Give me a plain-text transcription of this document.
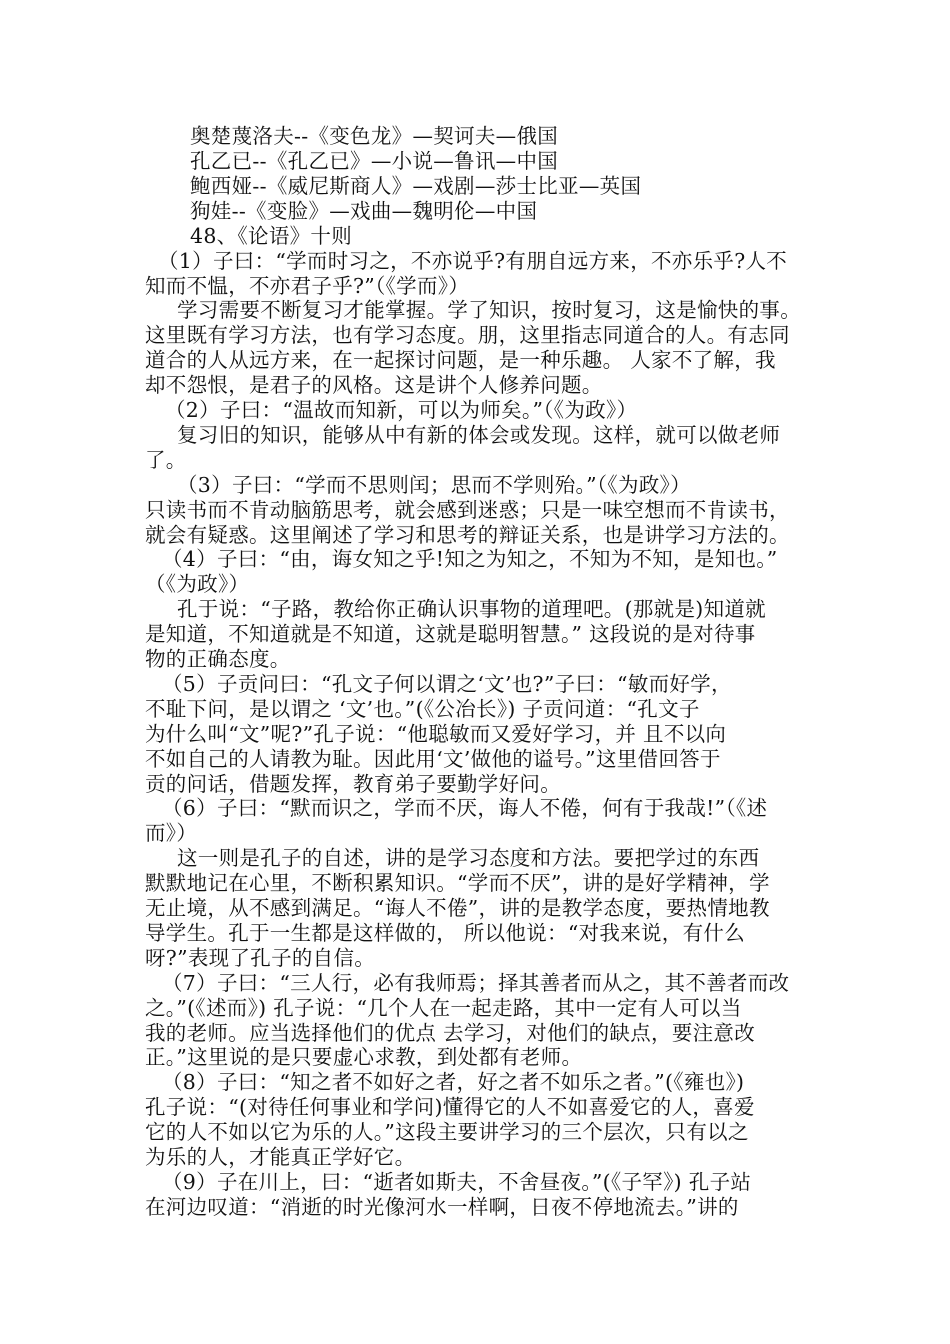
奥楚蔑洛夫--《变色龙》—契诃夫—俄国
孔乙已--《孔乙已》—小说—鲁讯—中国
鲍西娅--《威尼斯商人》—戏剧—莎士比亚—英国
狗娃--《变脸》—戏曲—魏明伦—中国
48、《论语》十则
（1）子曰：“学而时习之，不亦说乎?有朋自远方来，不亦乐乎?人不
知而不愠，不亦君子乎?”（《学而》）
学习需要不断复习才能掌握。学了知识，按时复习，这是愉快的事。
这里既有学习方法，也有学习态度。朋，这里指志同道合的人。有志同
道合的人从远方来，在一起探讨问题，是一种乐趣。 人家不了解，我
却不怨恨，是君子的风格。这是讲个人修养问题。
（2）子曰：“温故而知新，可以为师矣。”（《为政》）
复习旧的知识，能够从中有新的体会或发现。这样，就可以做老师
了。
（3）子曰：“学而不思则闰；思而不学则殆。”（《为政》）
只读书而不肯动脑筋思考，就会感到迷惑；只是一味空想而不肯读书，
就会有疑惑。这里阐述了学习和思考的辩证关系，也是讲学习方法的。
（4）子曰：“由，诲女知之乎!知之为知之，不知为不知，是知也。”
（《为政》）
孔于说：“子路，教给你正确认识事物的道理吧。(那就是)知道就
是知道，不知道就是不知道，这就是聪明智慧。” 这段说的是对待事
物的正确态度。
（5）子贡问曰：“孔文子何以谓之‘文’也?”子曰：“敏而好学，
不耻下问，是以谓之 ‘文’也。”(《公冶长》) 子贡问道：“孔文子
为什么叫“文”呢?”孔子说：“他聪敏而又爱好学习，并 且不以向
不如自己的人请教为耻。因此用‘文’做他的谥号。”这里借回答于
贡的问话，借题发挥，教育弟子要勤学好问。
（6）子曰：“默而识之，学而不厌，诲人不倦，何有于我哉!”（《述
而》）
这一则是孔子的自述，讲的是学习态度和方法。要把学过的东西
默默地记在心里，不断积累知识。“学而不厌”，讲的是好学精神，学
无止境，从不感到满足。“诲人不倦”，讲的是教学态度，要热情地教
导学生。孔于一生都是这样做的， 所以他说：“对我来说，有什么
呀?”表现了孔子的自信。
（7）子曰：“三人行，必有我师焉；择其善者而从之，其不善者而改
之。”(《述而》) 孔子说：“几个人在一起走路，其中一定有人可以当
我的老师。应当选择他们的优点 去学习，对他们的缺点，要注意改
正。”这里说的是只要虚心求教，到处都有老师。
（8）子曰：“知之者不如好之者，好之者不如乐之者。”(《雍也》)
孔子说：“(对待任何事业和学问)懂得它的人不如喜爱它的人，喜爱
它的人不如以它为乐的人。”这段主要讲学习的三个层次，只有以之
为乐的人，才能真正学好它。
（9）子在川上，曰：“逝者如斯夫，不舍昼夜。”(《子罕》) 孔子站
在河边叹道：“消逝的时光像河水一样啊，日夜不停地流去。”讲的
